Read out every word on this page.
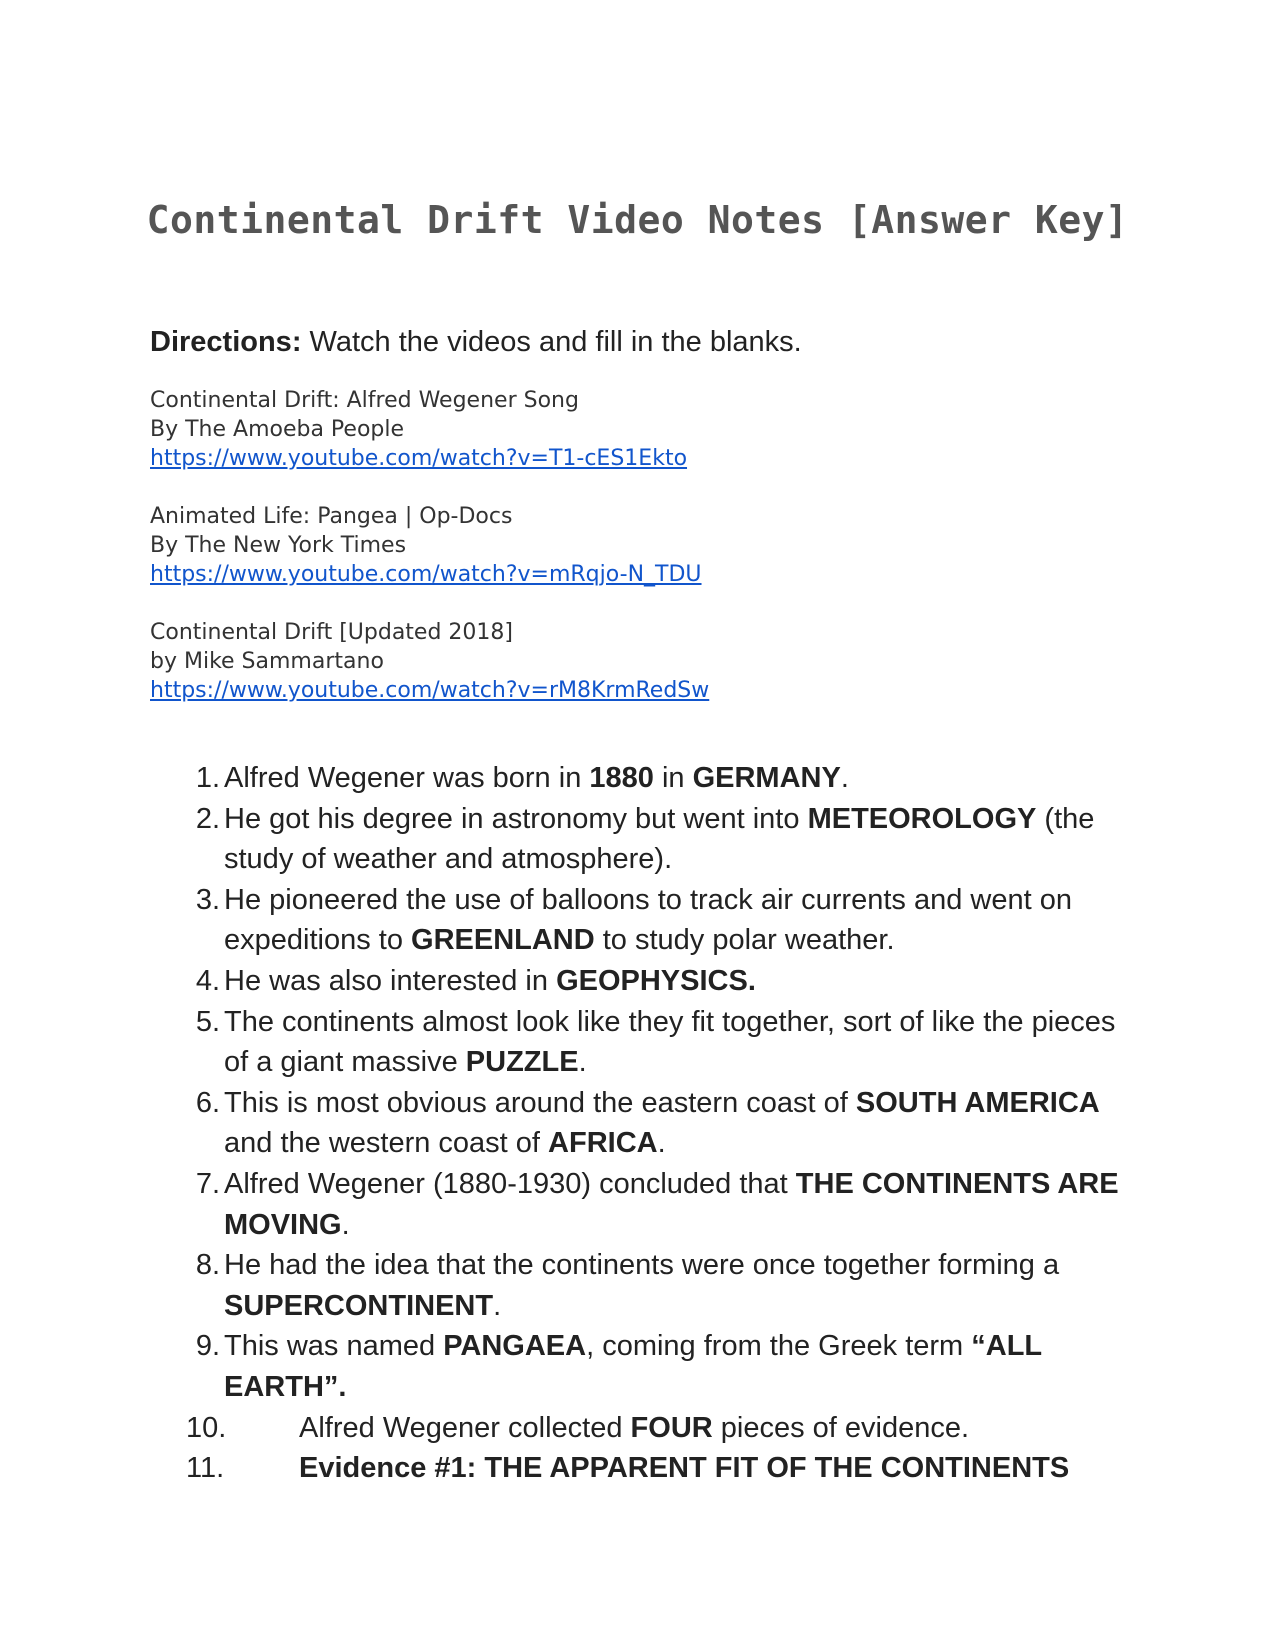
Continental Drift Video Notes [Answer Key]
Directions: Watch the videos and fill in the blanks.
Continental Drift: Alfred Wegener Song
By The Amoeba People
https://www.youtube.com/watch?v=T1-cES1Ekto
Animated Life: Pangea | Op-Docs
By The New York Times
https://www.youtube.com/watch?v=mRqjo-N_TDU
Continental Drift [Updated 2018]
by Mike Sammartano
https://www.youtube.com/watch?v=rM8KrmRedSw
1. Alfred Wegener was born in 1880 in GERMANY.
2. He got his degree in astronomy but went into METEOROLOGY (the study of weather and atmosphere).
3. He pioneered the use of balloons to track air currents and went on expeditions to GREENLAND to study polar weather.
4. He was also interested in GEOPHYSICS.
5. The continents almost look like they fit together, sort of like the pieces of a giant massive PUZZLE.
6. This is most obvious around the eastern coast of SOUTH AMERICA and the western coast of AFRICA.
7. Alfred Wegener (1880-1930) concluded that THE CONTINENTS ARE MOVING.
8. He had the idea that the continents were once together forming a SUPERCONTINENT.
9. This was named PANGAEA, coming from the Greek term “ALL EARTH”.
10.	Alfred Wegener collected FOUR pieces of evidence.
11.	Evidence #1: THE APPARENT FIT OF THE CONTINENTS
